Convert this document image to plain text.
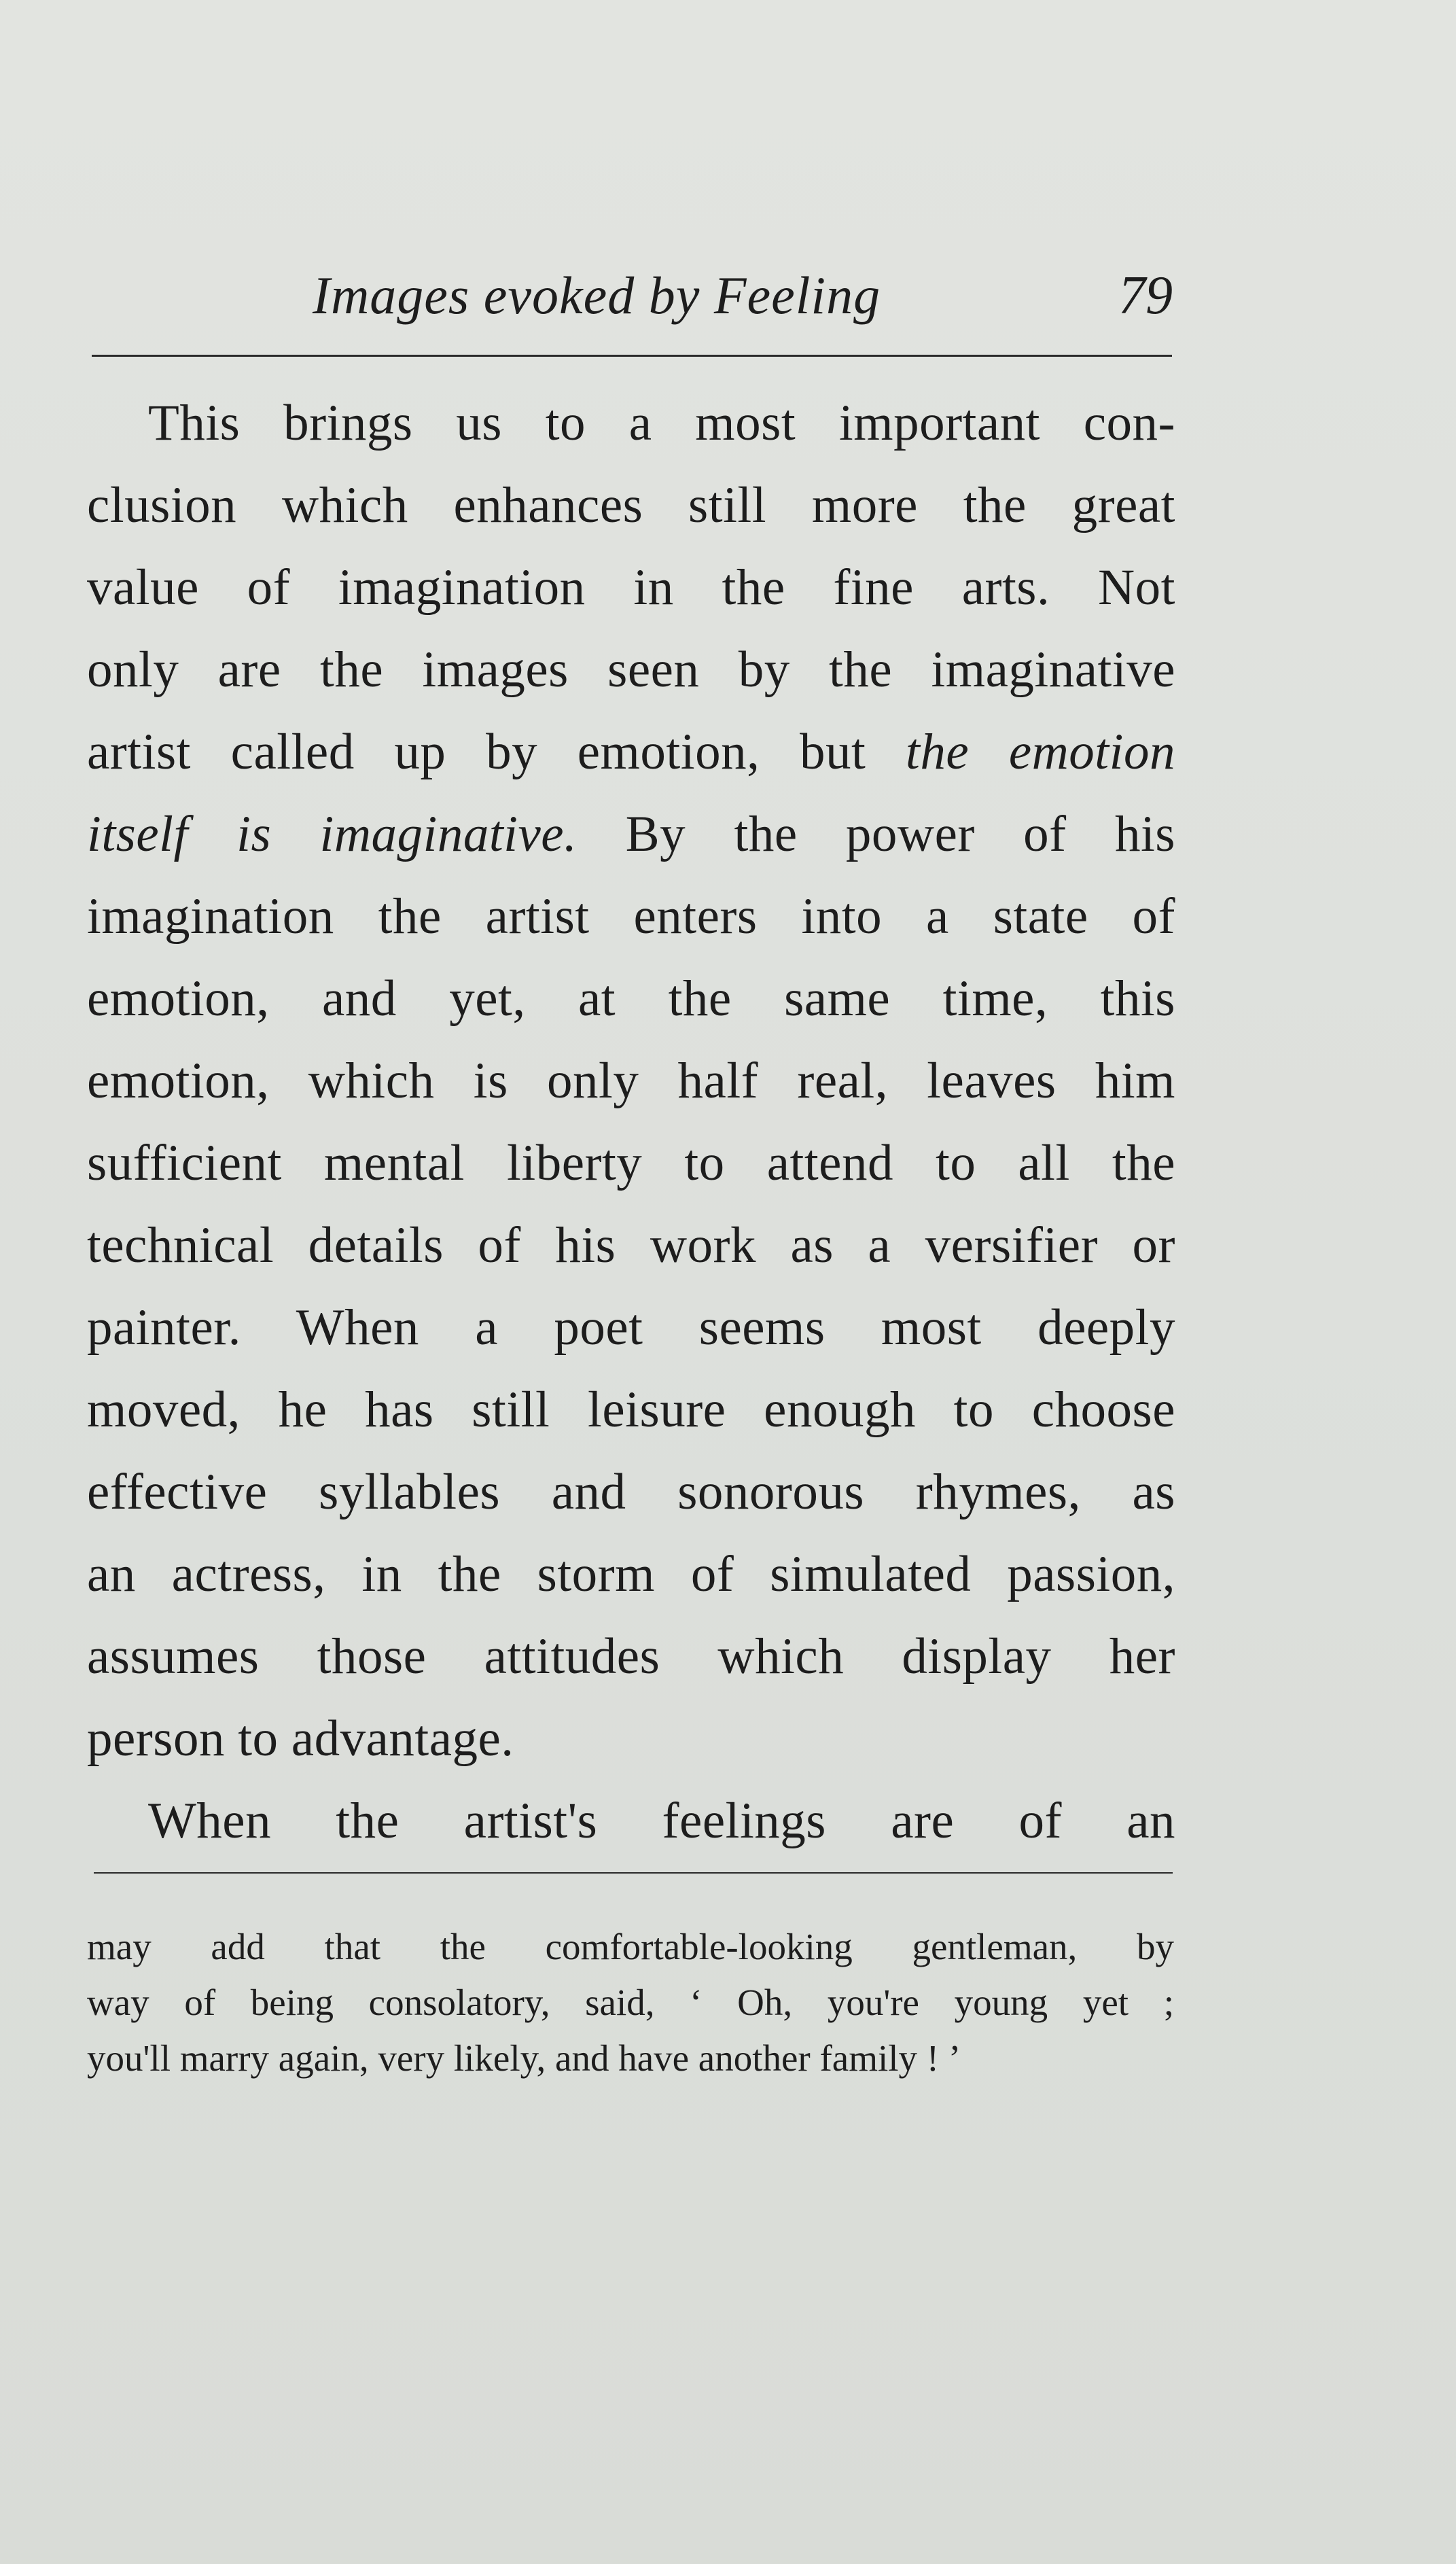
Images evoked by Feeling	79
This brings us to a most important con-
clusion which enhances still more the great
value of imagination in the fine arts. Not
only are the images seen by the imaginative
artist called up by emotion, but the emotion
itself is imaginative. By the power of his
imagination the artist enters into a state of
emotion, and yet, at the same time, this
emotion, which is only half real, leaves him
sufficient mental liberty to attend to all the
technical details of his work as a versifier or
painter. When a poet seems most deeply
moved, he has still leisure enough to choose
effective syllables and sonorous rhymes, as
an actress, in the storm of simulated passion,
assumes those attitudes which display her
person to advantage.
When the artist's feelings are of an
may add that the comfortable-looking gentleman, by
way of being consolatory, said, ‘ Oh, you're young yet ;
you'll marry again, very likely, and have another family ! ’
